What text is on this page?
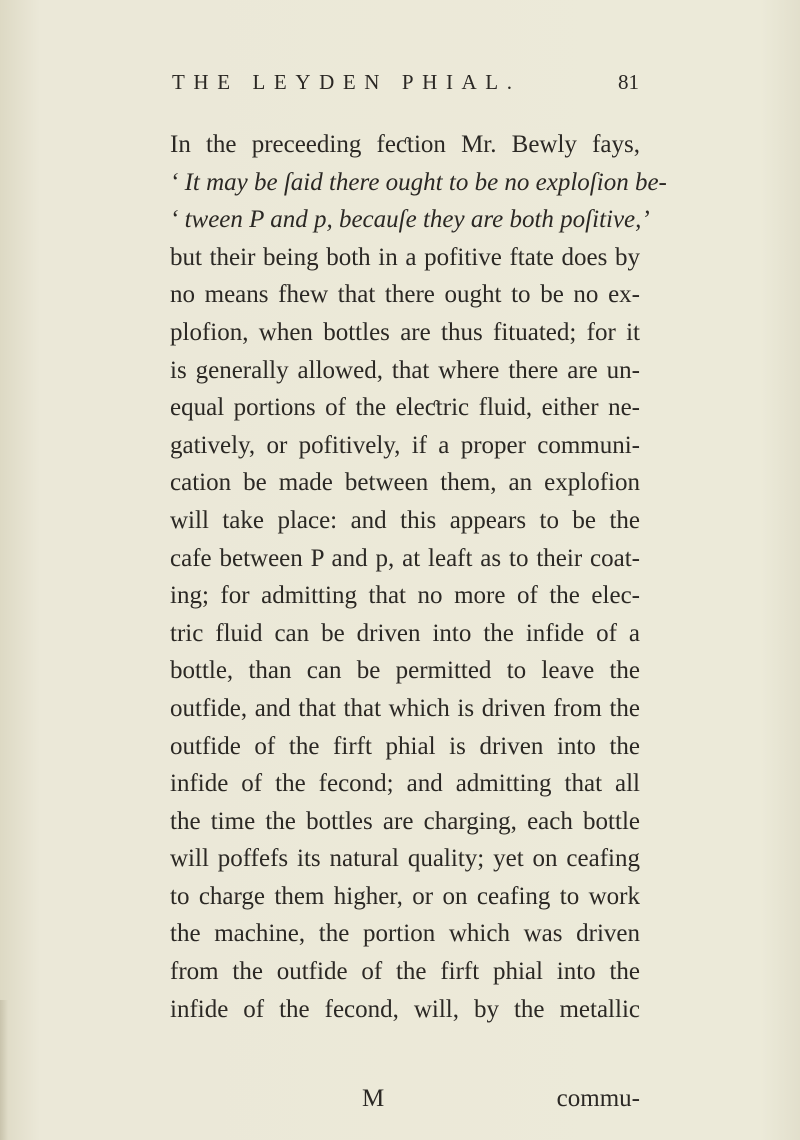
THE LEYDEN PHIAL.	81
In the preceeding feƈtion Mr. Bewly fays,
‘ It may be ſaid there ought to be no exploſion be-
‘ tween P and p, becauſe they are both poſitive,’
but their being both in a pofitive ftate does by
no means fhew that there ought to be no ex-
plofion, when bottles are thus fituated; for it
is generally allowed, that where there are un-
equal portions of the eleƈtric fluid, either ne-
gatively, or pofitively, if a proper communi-
cation be made between them, an explofion
will take place: and this appears to be the
cafe between P and p, at leaft as to their coat-
ing; for admitting that no more of the elec-
tric fluid can be driven into the infide of a
bottle, than can be permitted to leave the
outfide, and that that which is driven from the
outfide of the firft phial is driven into the
infide of the fecond; and admitting that all
the time the bottles are charging, each bottle
will poffefs its natural quality; yet on ceafing
to charge them higher, or on ceafing to work
the machine, the portion which was driven
from the outfide of the firft phial into the
infide of the fecond, will, by the metallic
M	commu-
